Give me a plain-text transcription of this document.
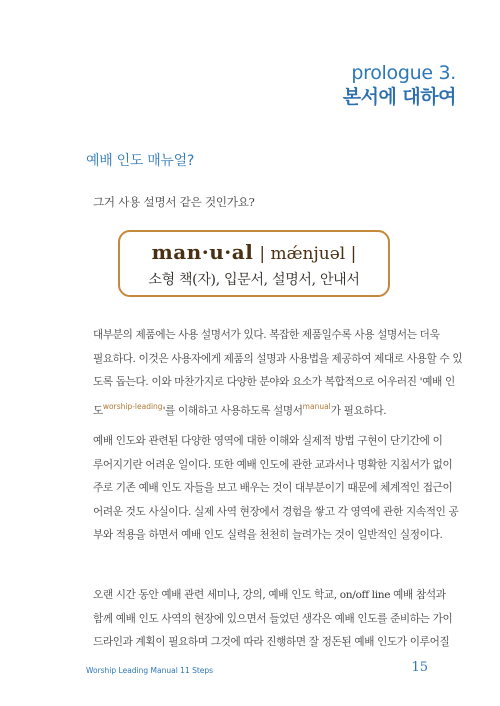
prologue 3.
본서에 대하여
예배 인도 매뉴얼?
그거 사용 설명서 같은 것인가요?
man·u·al | mǽnjuəl |
소형 책(자), 입문서, 설명서, 안내서

대부분의 제품에는 사용 설명서가 있다. 복잡한 제품일수록 사용 설명서는 더욱

필요하다. 이것은 사용자에게 제품의 설명과 사용법을 제공하여 제대로 사용할 수 있

도록 돕는다. 이와 마찬가지로 다양한 분야와 요소가 복합적으로 어우러진 '예배 인

도$^{worship-leading}$'를 이해하고 사용하도록 설명서$^{manual}$가 필요하다.

예배 인도와 관련된 다양한 영역에 대한 이해와 실제적 방법 구현이 단기간에 이

루어지기란 어려운 일이다. 또한 예배 인도에 관한 교과서나 명확한 지침서가 없이

주로 기존 예배 인도 자들을 보고 배우는 것이 대부분이기 때문에 체계적인 접근이

어려운 것도 사실이다. 실제 사역 현장에서 경험을 쌓고 각 영역에 관한 지속적인 공

부와 적용을 하면서 예배 인도 실력을 천천히 늘려가는 것이 일반적인 실정이다.

오랜 시간 동안 예배 관련 세미나, 강의, 예배 인도 학교, on/off line 예배 참석과

함께 예배 인도 사역의 현장에 있으면서 들었던 생각은 예배 인도를 준비하는 가이

드라인과 계획이 필요하며 그것에 따라 진행하면 잘 정돈된 예배 인도가 이루어질

Worship Leading Manual 11 Steps	15
